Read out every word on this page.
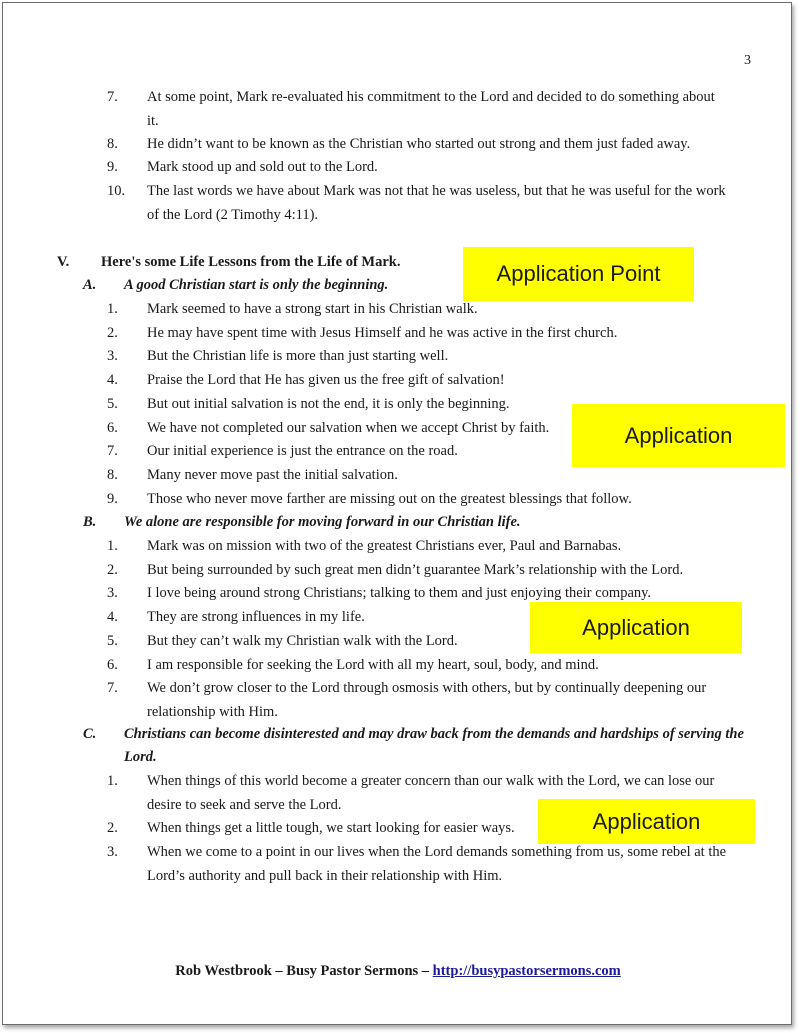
3
7.	At some point, Mark re-evaluated his commitment to the Lord and decided to do something about
it.
8.	He didn’t want to be known as the Christian who started out strong and them just faded away.
9.	Mark stood up and sold out to the Lord.
10.	The last words we have about Mark was not that he was useless, but that he was useful for the work
of the Lord (2 Timothy 4:11).
V. Here's some Life Lessons from the Life of Mark.
A. A good Christian start is only the beginning.
1.	Mark seemed to have a strong start in his Christian walk.
2.	He may have spent time with Jesus Himself and he was active in the first church.
3.	But the Christian life is more than just starting well.
4.	Praise the Lord that He has given us the free gift of salvation!
5.	But out initial salvation is not the end, it is only the beginning.
6.	We have not completed our salvation when we accept Christ by faith.
7.	Our initial experience is just the entrance on the road.
8.	Many never move past the initial salvation.
9.	Those who never move farther are missing out on the greatest blessings that follow.
B. We alone are responsible for moving forward in our Christian life.
1.	Mark was on mission with two of the greatest Christians ever, Paul and Barnabas.
2.	But being surrounded by such great men didn’t guarantee Mark’s relationship with the Lord.
3.	I love being around strong Christians; talking to them and just enjoying their company.
4.	They are strong influences in my life.
5.	But they can’t walk my Christian walk with the Lord.
6.	I am responsible for seeking the Lord with all my heart, soul, body, and mind.
7.	We don’t grow closer to the Lord through osmosis with others, but by continually deepening our
relationship with Him.
C. Christians can become disinterested and may draw back from the demands and hardships of serving the
Lord.
1.	When things of this world become a greater concern than our walk with the Lord, we can lose our
desire to seek and serve the Lord.
2.	When things get a little tough, we start looking for easier ways.
3.	When we come to a point in our lives when the Lord demands something from us, some rebel at the
Lord’s authority and pull back in their relationship with Him.
Application Point
Application
Application
Application
Rob Westbrook – Busy Pastor Sermons – http://busypastorsermons.com
